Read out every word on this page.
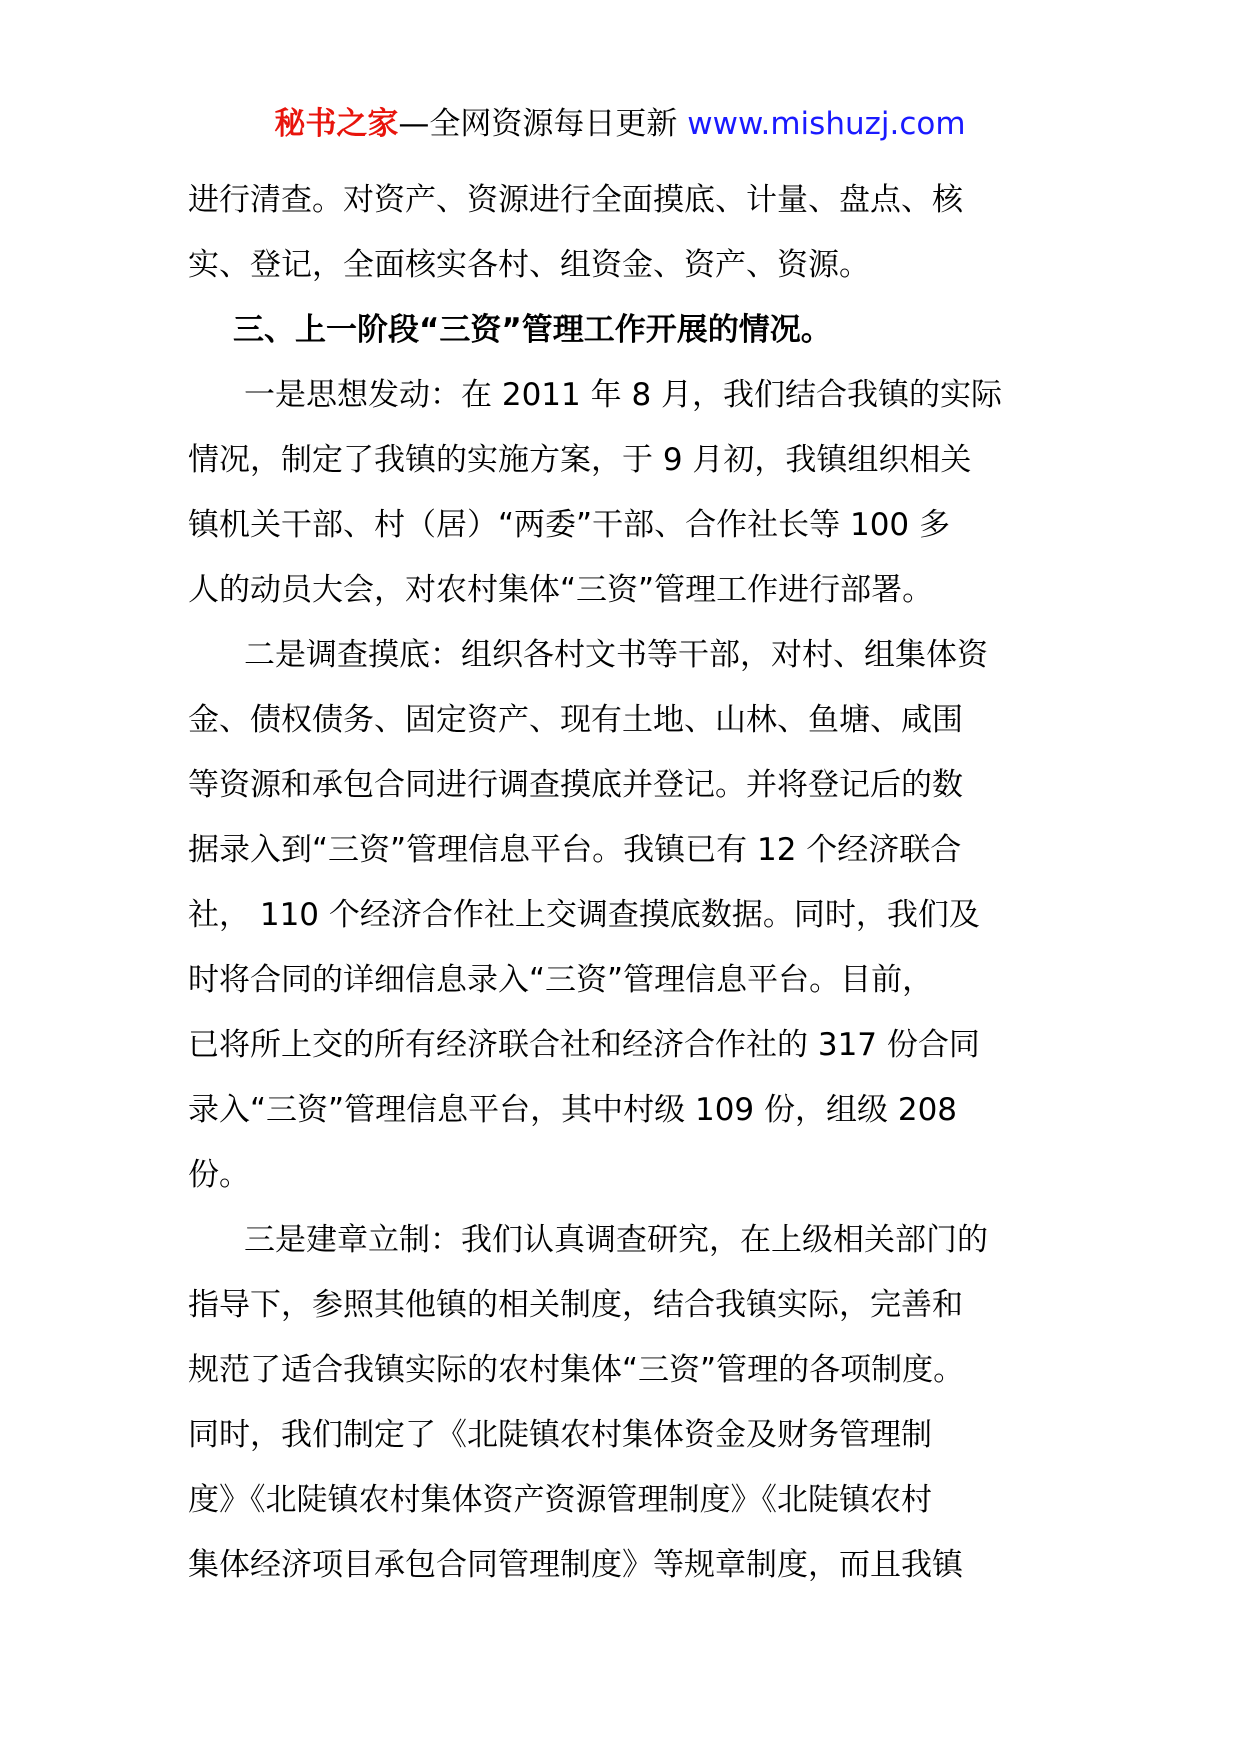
秘书之家—全网资源每日更新 www.mishuzj.com
进行清查。对资产、资源进行全面摸底、计量、盘点、核
实、登记，全面核实各村、组资金、资产、资源。
三、上一阶段“三资”管理工作开展的情况。
一是思想发动：在 2011 年 8 月，我们结合我镇的实际
情况，制定了我镇的实施方案，于 9 月初，我镇组织相关
镇机关干部、村（居）“两委”干部、合作社长等 100 多
人的动员大会，对农村集体“三资”管理工作进行部署。
二是调查摸底：组织各村文书等干部，对村、组集体资
金、债权债务、固定资产、现有土地、山林、鱼塘、咸围
等资源和承包合同进行调查摸底并登记。并将登记后的数
据录入到“三资”管理信息平台。我镇已有 12 个经济联合
社， 110 个经济合作社上交调查摸底数据。同时，我们及
时将合同的详细信息录入“三资”管理信息平台。目前，
已将所上交的所有经济联合社和经济合作社的 317 份合同
录入“三资”管理信息平台，其中村级 109 份，组级 208
份。
三是建章立制：我们认真调查研究，在上级相关部门的
指导下，参照其他镇的相关制度，结合我镇实际，完善和
规范了适合我镇实际的农村集体“三资”管理的各项制度。
同时，我们制定了《北陡镇农村集体资金及财务管理制
度》《北陡镇农村集体资产资源管理制度》《北陡镇农村
集体经济项目承包合同管理制度》等规章制度，而且我镇
